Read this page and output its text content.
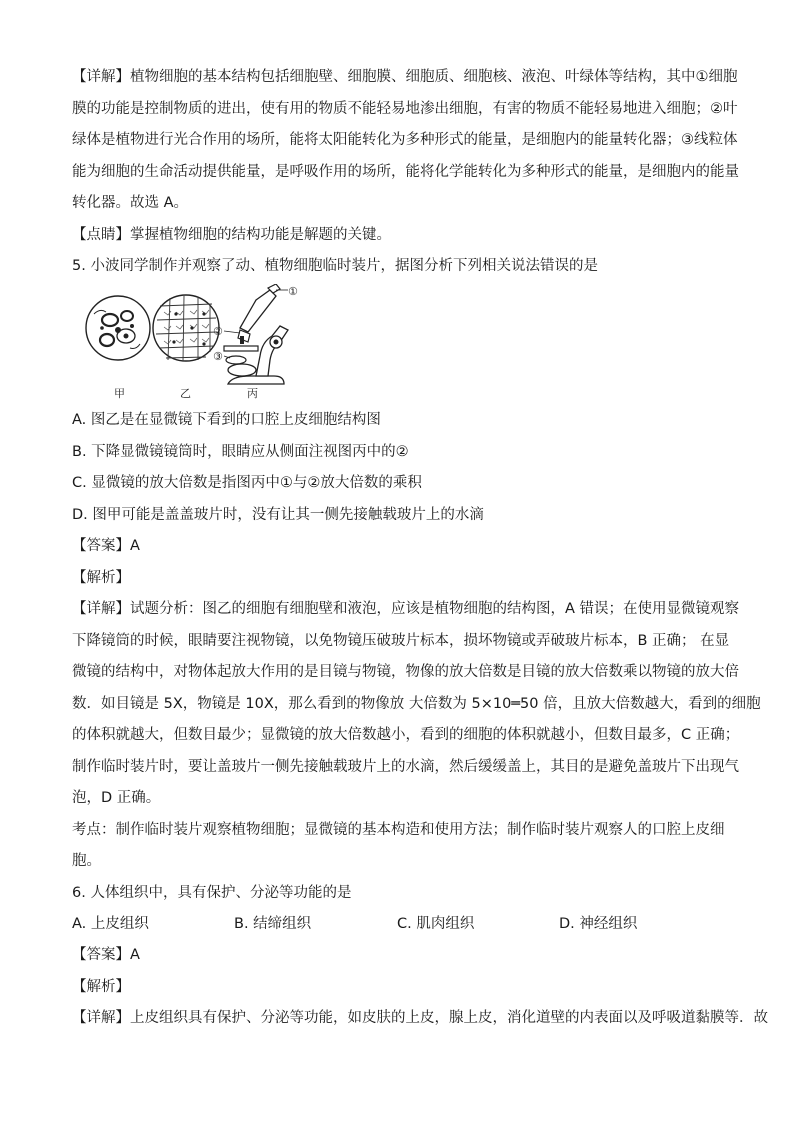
【详解】植物细胞的基本结构包括细胞壁、细胞膜、细胞质、细胞核、液泡、叶绿体等结构，其中①细胞
膜的功能是控制物质的进出，使有用的物质不能轻易地渗出细胞，有害的物质不能轻易地进入细胞；②叶
绿体是植物进行光合作用的场所，能将太阳能转化为多种形式的能量，是细胞内的能量转化器；③线粒体
能为细胞的生命活动提供能量，是呼吸作用的场所，能将化学能转化为多种形式的能量，是细胞内的能量
转化器。故选 A。
【点睛】掌握植物细胞的结构功能是解题的关键。
5. 小波同学制作并观察了动、植物细胞临时装片，据图分析下列相关说法错误的是
①
②
③
甲	乙	丙
A. 图乙是在显微镜下看到的口腔上皮细胞结构图
B. 下降显微镜镜筒时，眼睛应从侧面注视图丙中的②
C. 显微镜的放大倍数是指图丙中①与②放大倍数的乘积
D. 图甲可能是盖盖玻片时，没有让其一侧先接触载玻片上的水滴
【答案】A
【解析】
【详解】试题分析：图乙的细胞有细胞壁和液泡，应该是植物细胞的结构图，A 错误；在使用显微镜观察
下降镜筒的时候，眼睛要注视物镜，以免物镜压破玻片标本，损坏物镜或弄破玻片标本，B 正确； 在显
微镜的结构中，对物体起放大作用的是目镜与物镜，物像的放大倍数是目镜的放大倍数乘以物镜的放大倍
数．如目镜是 5X，物镜是 10X，那么看到的物像放 大倍数为 5×10═50 倍，且放大倍数越大，看到的细胞
的体积就越大，但数目最少；显微镜的放大倍数越小，看到的细胞的体积就越小，但数目最多，C 正确；
制作临时装片时，要让盖玻片一侧先接触载玻片上的水滴，然后缓缓盖上，其目的是避免盖玻片下出现气
泡，D 正确。
考点：制作临时装片观察植物细胞；显微镜的基本构造和使用方法；制作临时装片观察人的口腔上皮细
胞。
6. 人体组织中，具有保护、分泌等功能的是
A. 上皮组织	B. 结缔组织	C. 肌肉组织	D. 神经组织
【答案】A
【解析】
【详解】上皮组织具有保护、分泌等功能，如皮肤的上皮，腺上皮，消化道壁的内表面以及呼吸道黏膜等．故
